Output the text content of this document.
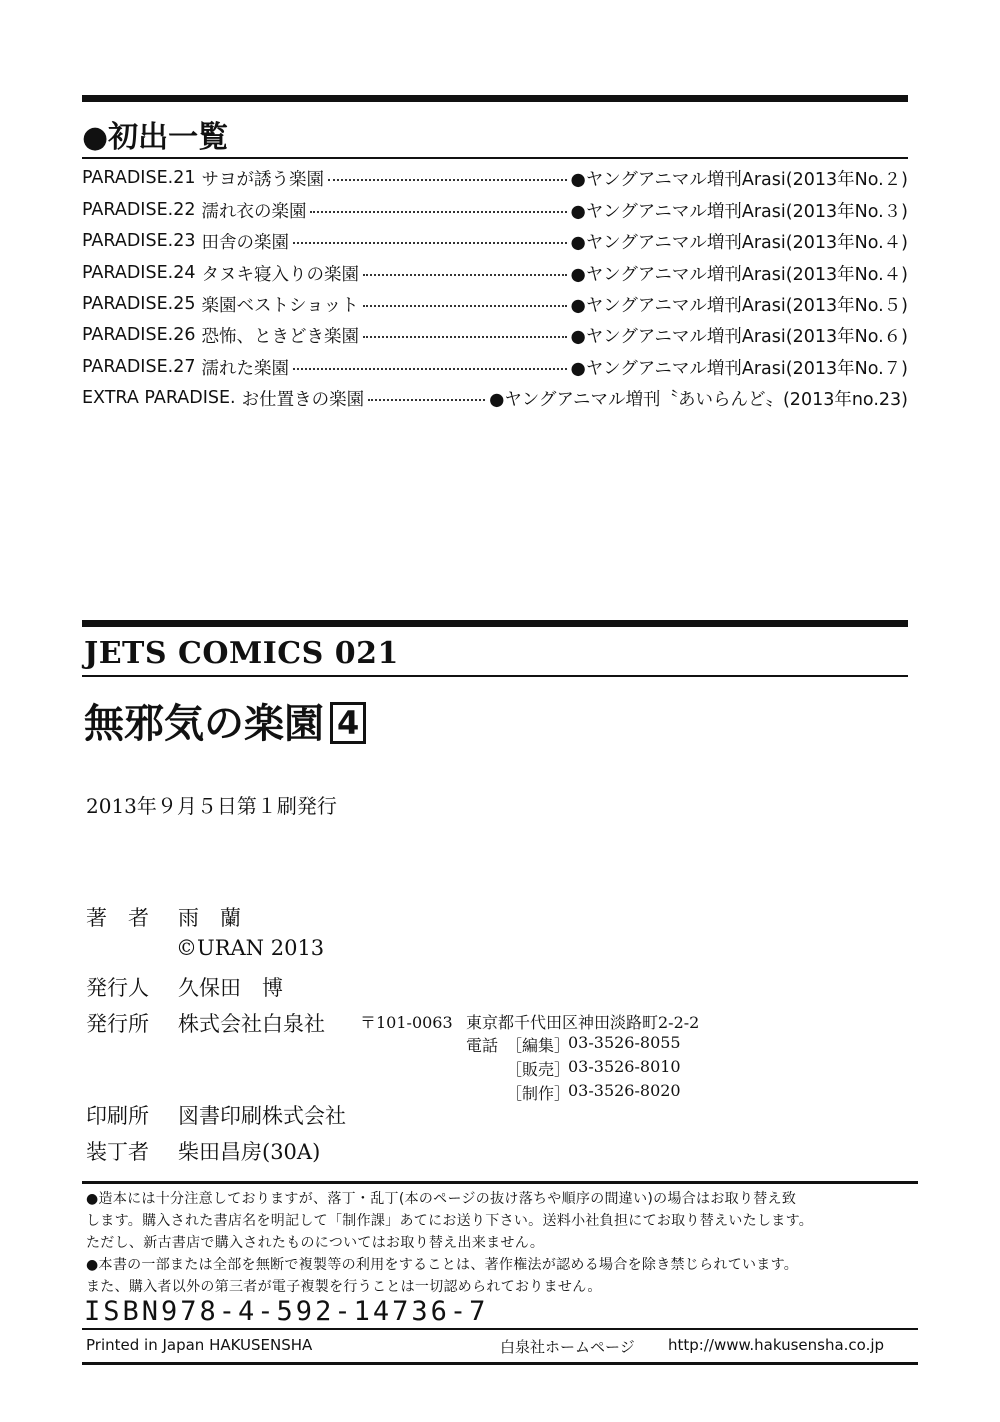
●初出一覧
PARADISE.21 サヨが誘う楽園	●ヤングアニマル増刊Arasi(2013年No.２)
PARADISE.22 濡れ衣の楽園	●ヤングアニマル増刊Arasi(2013年No.３)
PARADISE.23 田舎の楽園	●ヤングアニマル増刊Arasi(2013年No.４)
PARADISE.24 タヌキ寝入りの楽園	●ヤングアニマル増刊Arasi(2013年No.４)
PARADISE.25 楽園ベストショット	●ヤングアニマル増刊Arasi(2013年No.５)
PARADISE.26 恐怖、ときどき楽園	●ヤングアニマル増刊Arasi(2013年No.６)
PARADISE.27 濡れた楽園	●ヤングアニマル増刊Arasi(2013年No.７)
EXTRA PARADISE. お仕置きの楽園	●ヤングアニマル増刊〝あいらんど〟(2013年no.23)
JETS COMICS 021
無邪気の楽園 4
2013年９月５日第１刷発行
著　者 雨　蘭
©URAN 2013
発行人 久保田　博
発行所 株式会社白泉社 〒101-0063 東京都千代田区神田淡路町2-2-2
電話 ［編集］
03-3526-8055
［販売］
03-3526-8010
［制作］
03-3526-8020
印刷所 図書印刷株式会社
装丁者 柴田昌房(30A)
●造本には十分注意しておりますが、落丁・乱丁(本のページの抜け落ちや順序の間違い)の場合はお取り替え致
します。購入された書店名を明記して「制作課」あてにお送り下さい。送料小社負担にてお取り替えいたします。
ただし、新古書店で購入されたものについてはお取り替え出来ません。
●本書の一部または全部を無断で複製等の利用をすることは、著作権法が認める場合を除き禁じられています。
また、購入者以外の第三者が電子複製を行うことは一切認められておりません。
ISBN978-4-592-14736-7
Printed in Japan HAKUSENSHA	白泉社ホームページ http://www.hakusensha.co.jp
